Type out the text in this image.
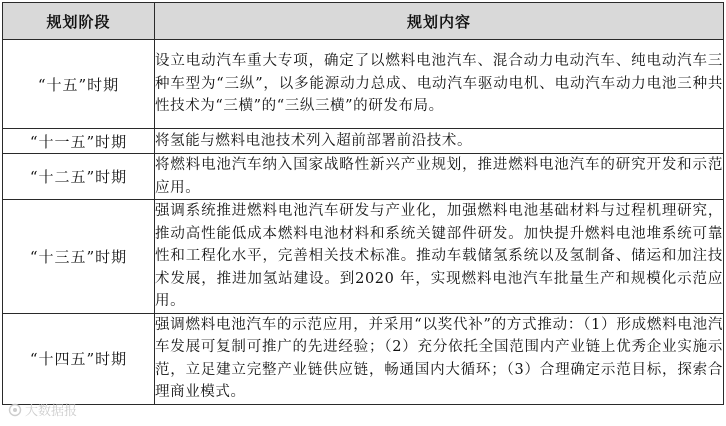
规划阶段	规划内容
“十五”时期	设立电动汽车重大专项，确定了以燃料电池汽车、混合动力电动汽车、纯电动汽车三种车型为“三纵”，以多能源动力总成、电动汽车驱动电机、电动汽车动力电池三种共性技术为“三横”的“三纵三横”的研发布局。
“十一五”时期	将氢能与燃料电池技术列入超前部署前沿技术。
“十二五”时期	将燃料电池汽车纳入国家战略性新兴产业规划，推进燃料电池汽车的研究开发和示范应用。
“十三五”时期	强调系统推进燃料电池汽车研发与产业化，加强燃料电池基础材料与过程机理研究，推动高性能低成本燃料电池材料和系统关键部件研发。加快提升燃料电池堆系统可靠性和工程化水平，完善相关技术标准。推动车载储氢系统以及氢制备、储运和加注技术发展，推进加氢站建设。到2020 年，实现燃料电池汽车批量生产和规模化示范应用。
“十四五”时期	强调燃料电池汽车的示范应用，并采用“以奖代补”的方式推动：（1）形成燃料电池汽车发展可复制可推广的先进经验；（2）充分依托全国范围内产业链上优秀企业实施示范，立足建立完整产业链供应链，畅通国内大循环；（3）合理确定示范目标，探索合理商业模式。
大数据报
